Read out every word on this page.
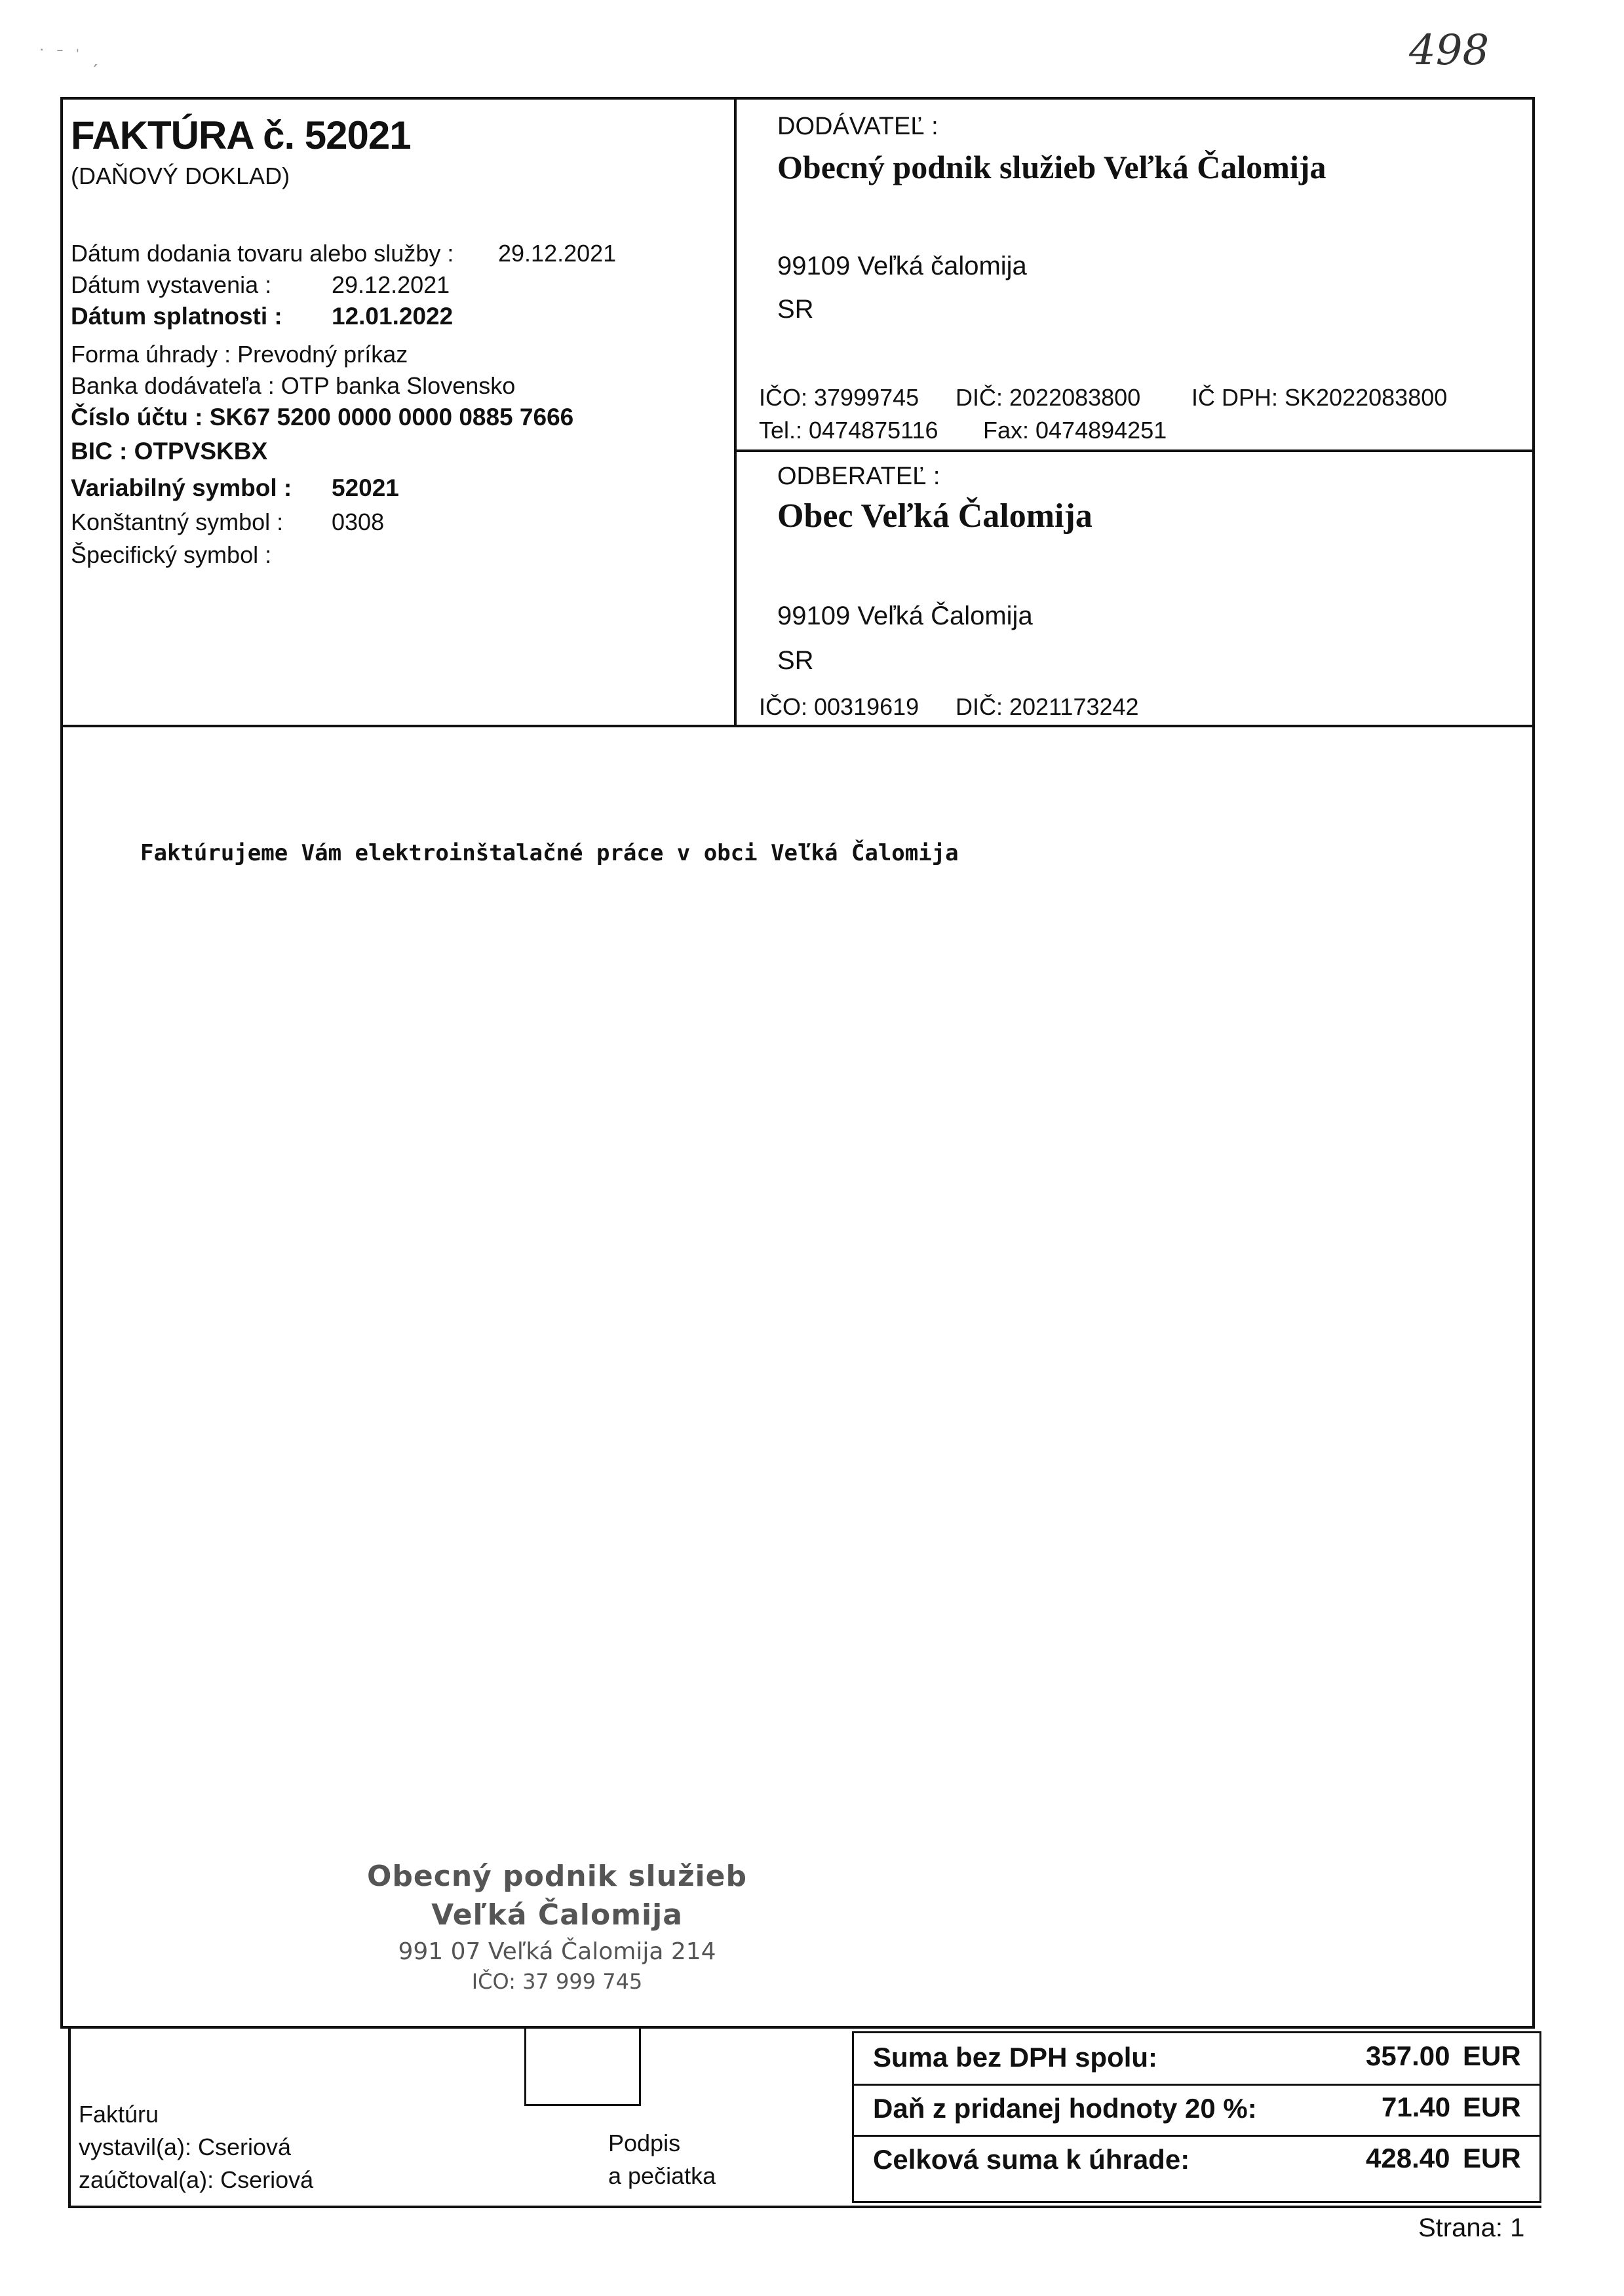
˙  ˉ  ˈ  ˏ	498
FAKTÚRA č. 52021
(DAŇOVÝ DOKLAD)
Dátum dodania tovaru alebo služby : 29.12.2021
Dátum vystavenia :	29.12.2021
Dátum splatnosti : 12.01.2022
Forma úhrady : Prevodný príkaz
Banka dodávateľa : OTP banka Slovensko
Číslo účtu : SK67 5200 0000 0000 0885 7666
BIC : OTPVSKBX
Variabilný symbol : 52021
Konštantný symbol : 0308
Špecifický symbol :
DODÁVATEĽ :
Obecný podnik služieb Veľká Čalomija
99109 Veľká čalomija
SR
IČO: 37999745 DIČ: 2022083800 IČ DPH: SK2022083800
Tel.: 0474875116 Fax: 0474894251
ODBERATEĽ :
Obec Veľká Čalomija
99109 Veľká Čalomija
SR
IČO: 00319619 DIČ: 2021173242
Faktúrujeme Vám elektroinštalačné práce v obci Veľká Čalomija
Obecný podnik služieb
Veľká Čalomija
991 07 Veľká Čalomija 214
IČO: 37 999 745
Faktúru
vystavil(a): Cseriová
zaúčtoval(a): Cseriová
Podpis
a pečiatka
Suma bez DPH spolu:	357.00 EUR
Daň z pridanej hodnoty 20 %:	71.40 EUR
Celková suma k úhrade:	428.40 EUR
Strana: 1
